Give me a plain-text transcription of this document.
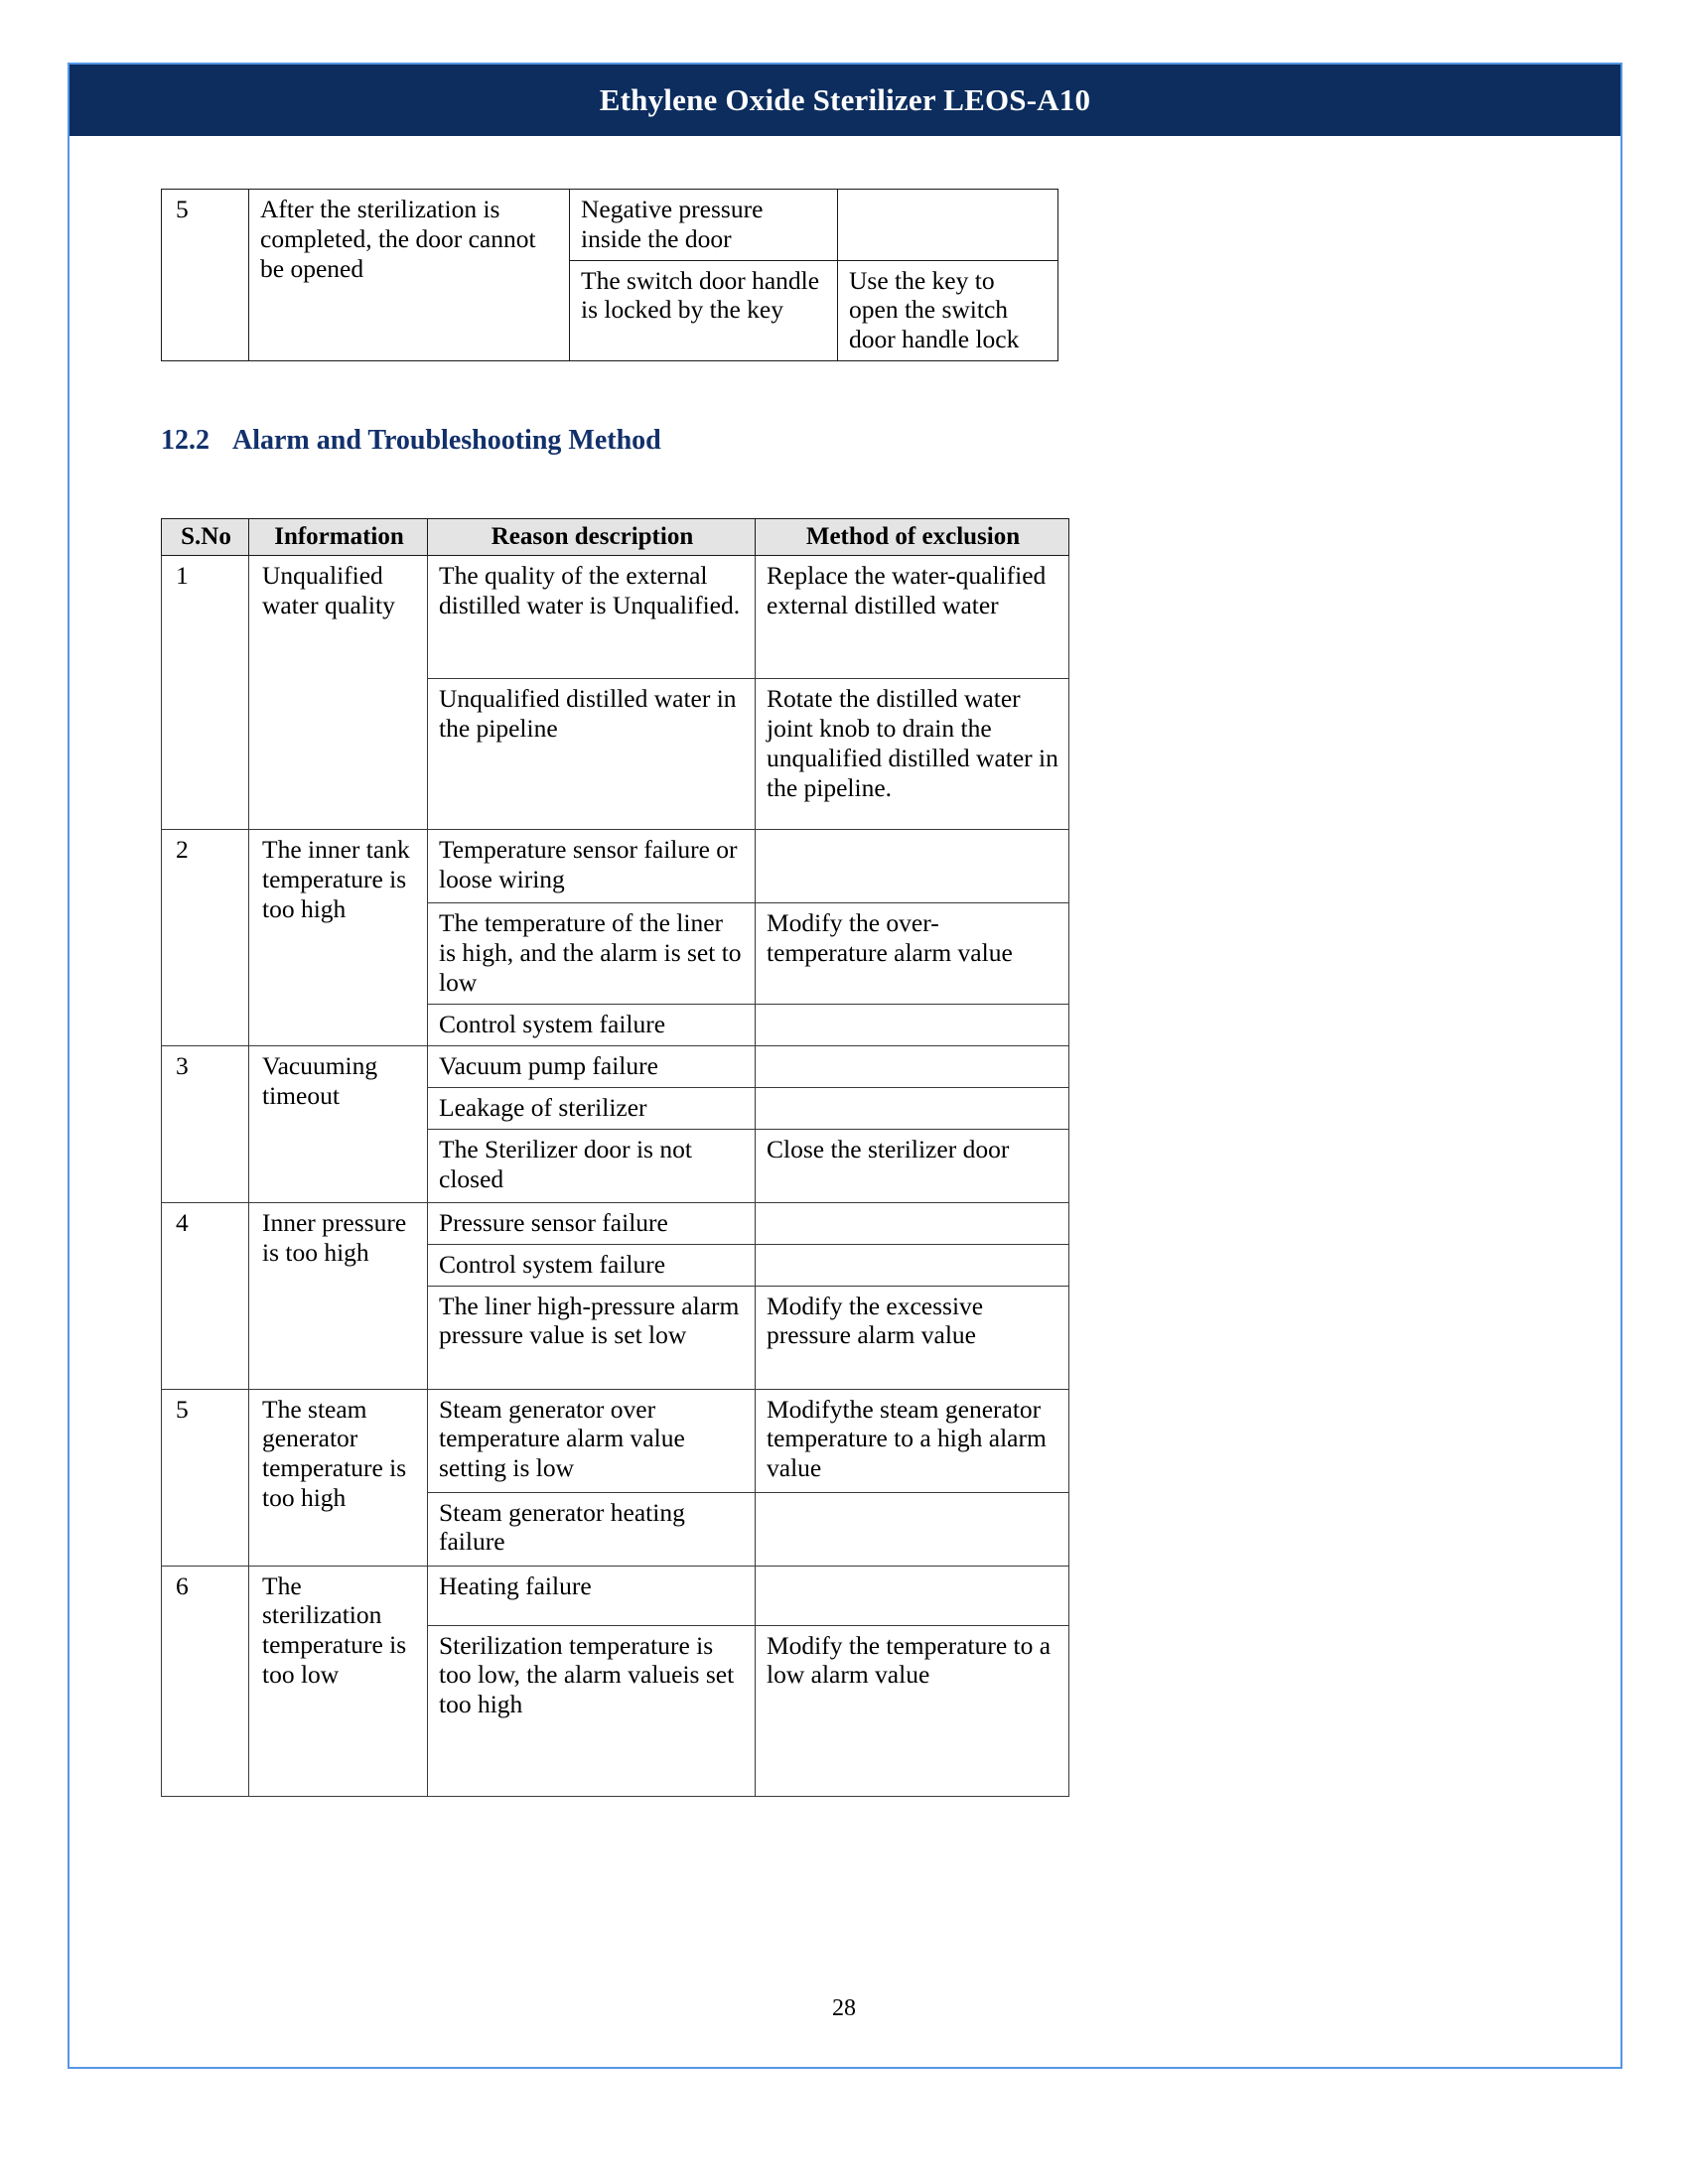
Ethylene Oxide Sterilizer LEOS-A10
5	After the sterilization is completed, the door cannot be opened	Negative pressure inside the door	
		The switch door handle is locked by the key	Use the key to open the switch door handle lock
12.2 Alarm and Troubleshooting Method
S.No	Information	Reason description	Method of exclusion
1	Unqualified water quality	The quality of the external distilled water is Unqualified.	Replace the water-qualified external distilled water
		Unqualified distilled water in the pipeline	Rotate the distilled water joint knob to drain the unqualified distilled water in the pipeline.
2	The inner tank temperature is too high	Temperature sensor failure or loose wiring	
		The temperature of the liner is high, and the alarm is set to low	Modify the over-temperature alarm value
		Control system failure	
3	Vacuuming timeout	Vacuum pump failure	
		Leakage of sterilizer	
		The Sterilizer door is not closed	Close the sterilizer door
4	Inner pressure is too high	Pressure sensor failure	
		Control system failure	
		The liner high-pressure alarm pressure value is set low	Modify the excessive pressure alarm value
5	The steam generator temperature is too high	Steam generator over temperature alarm value setting is low	Modifythe steam generator temperature to a high alarm value
		Steam generator heating failure	
6	The sterilization temperature is too low	Heating failure	
		Sterilization temperature is too low, the alarm valueis set too high	Modify the temperature to a low alarm value
28
